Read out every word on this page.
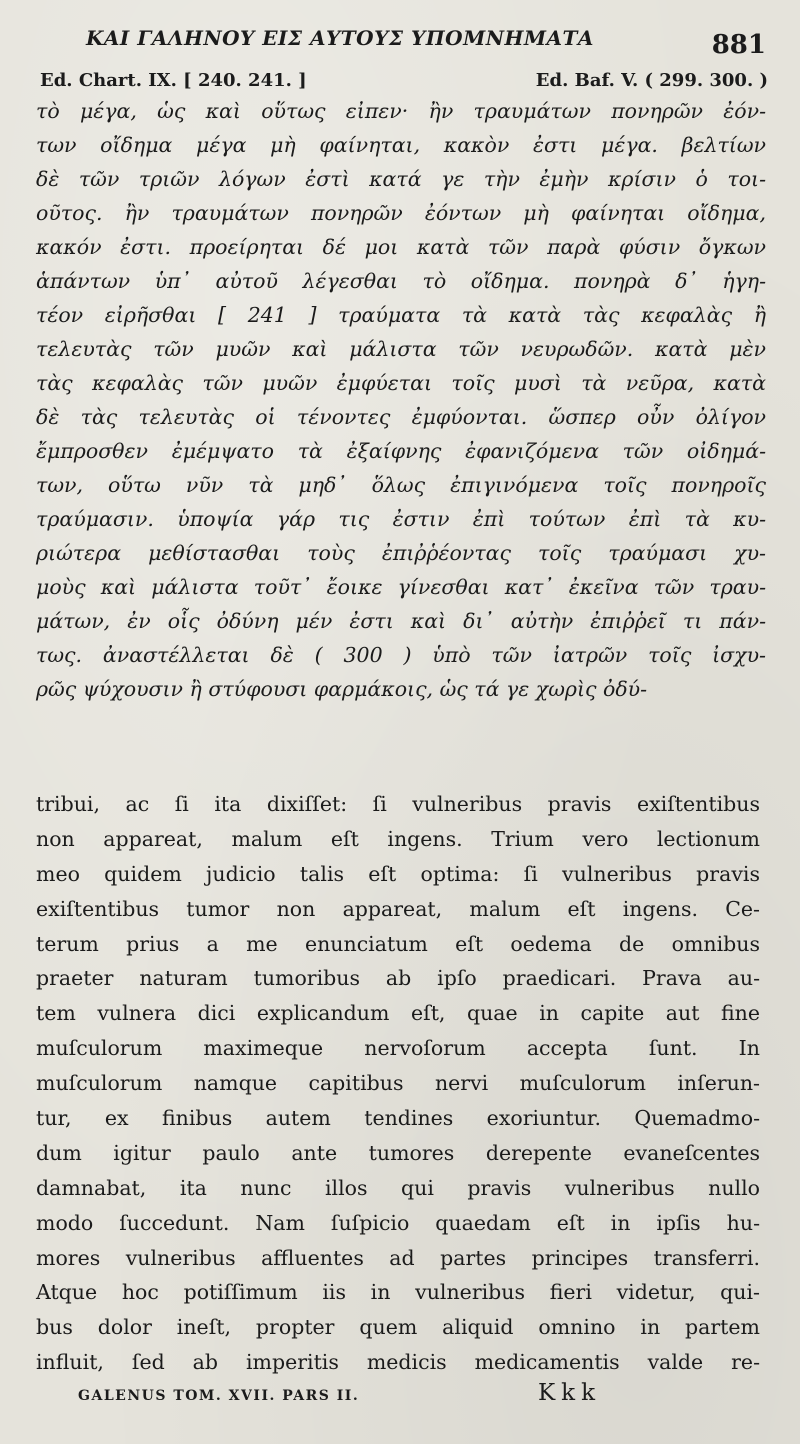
ΚΑΙ ΓΑΛΗΝΟΥ ΕΙΣ ΑΥΤΟΥΣ ΥΠΟΜΝΗΜΑΤΑ	881
Ed. Chart. IX. [ 240. 241. ]	Ed. Baf. V. ( 299. 300. )
τὸ μέγα, ὡς καὶ οὕτως εἰπεν· ἢν τραυμάτων πονηρῶν ἐόν-
των οἴδημα μέγα μὴ φαίνηται, κακὸν ἐστι μέγα. βελτίων
δὲ τῶν τριῶν λόγων ἐστὶ κατά γε τὴν ἐμὴν κρίσιν ὁ τοι-
οῦτος. ἢν τραυμάτων πονηρῶν ἐόντων μὴ φαίνηται οἴδημα,
κακόν ἐστι. προείρηται δέ μοι κατὰ τῶν παρὰ φύσιν ὄγκων
ἁπάντων ὑπ᾽ αὐτοῦ λέγεσθαι τὸ οἴδημα. πονηρὰ δ᾽ ἡγη-
τέον εἰρῆσθαι [ 241 ] τραύματα τὰ κατὰ τὰς κεφαλὰς ἢ
τελευτὰς τῶν μυῶν καὶ μάλιστα τῶν νευρωδῶν. κατὰ μὲν
τὰς κεφαλὰς τῶν μυῶν ἐμφύεται τοῖς μυσὶ τὰ νεῦρα, κατὰ
δὲ τὰς τελευτὰς οἱ τένοντες ἐμφύονται. ὥσπερ οὖν ὀλίγον
ἔμπροσθεν ἐμέμψατο τὰ ἐξαίφνης ἐφανιζόμενα τῶν οἰδημά-
των, οὕτω νῦν τὰ μηδ᾽ ὅλως ἐπιγινόμενα τοῖς πονηροῖς
τραύμασιν. ὑποψία γάρ τις ἐστιν ἐπὶ τούτων ἐπὶ τὰ κυ-
ριώτερα μεθίστασθαι τοὺς ἐπιῤῥέοντας τοῖς τραύμασι χυ-
μοὺς καὶ μάλιστα τοῦτ᾽ ἔοικε γίνεσθαι κατ᾽ ἐκεῖνα τῶν τραυ-
μάτων, ἐν οἷς ὀδύνη μέν ἐστι καὶ δι᾽ αὐτὴν ἐπιῤῥεῖ τι πάν-
τως. ἀναστέλλεται δὲ ( 300 ) ὑπὸ τῶν ἰατρῶν τοῖς ἰσχυ-
ρῶς ψύχουσιν ἢ στύφουσι φαρμάκοις, ὡς τά γε χωρὶς ὀδύ-
tribui, ac ſi ita dixiſſet: ſi vulneribus pravis exiſtentibus
non appareat, malum eſt ingens. Trium vero lectionum
meo quidem judicio talis eſt optima: ſi vulneribus pravis
exiſtentibus tumor non appareat, malum eſt ingens. Ce-
terum prius a me enunciatum eſt oedema de omnibus
praeter naturam tumoribus ab ipſo praedicari. Prava au-
tem vulnera dici explicandum eſt, quae in capite aut fine
muſculorum maximeque nervoſorum accepta ſunt. In
muſculorum namque capitibus nervi muſculorum inſerun-
tur, ex finibus autem tendines exoriuntur. Quemadmo-
dum igitur paulo ante tumores derepente evaneſcentes
damnabat, ita nunc illos qui pravis vulneribus nullo
modo ſuccedunt. Nam ſuſpicio quaedam eſt in ipſis hu-
mores vulneribus affluentes ad partes principes transferri.
Atque hoc potiſſimum iis in vulneribus fieri videtur, qui-
bus dolor ineſt, propter quem aliquid omnino in partem
influit, ſed ab imperitis medicis medicamentis valde re-
GALENUS TOM. XVII. PARS II.	Kkk
